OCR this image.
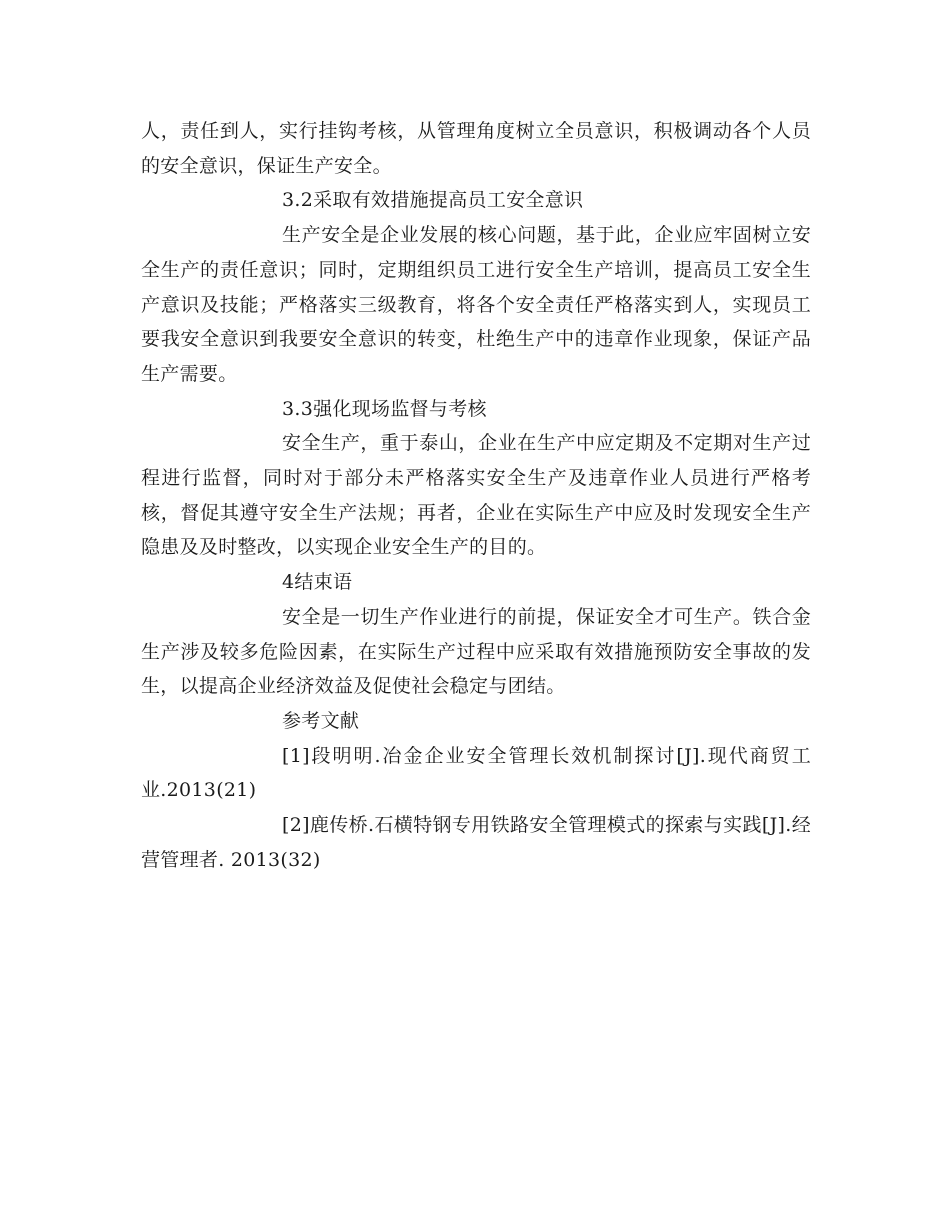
人，责任到人，实行挂钩考核，从管理角度树立全员意识，积极调动各个人员的安全意识，保证生产安全。

3.2采取有效措施提高员工安全意识

生产安全是企业发展的核心问题，基于此，企业应牢固树立安全生产的责任意识；同时，定期组织员工进行安全生产培训，提高员工安全生产意识及技能；严格落实三级教育，将各个安全责任严格落实到人，实现员工要我安全意识到我要安全意识的转变，杜绝生产中的违章作业现象，保证产品生产需要。

3.3强化现场监督与考核

安全生产，重于泰山，企业在生产中应定期及不定期对生产过程进行监督，同时对于部分未严格落实安全生产及违章作业人员进行严格考核，督促其遵守安全生产法规；再者，企业在实际生产中应及时发现安全生产隐患及及时整改，以实现企业安全生产的目的。

4结束语

安全是一切生产作业进行的前提，保证安全才可生产。铁合金生产涉及较多危险因素，在实际生产过程中应采取有效措施预防安全事故的发生，以提高企业经济效益及促使社会稳定与团结。

参考文献

[1]段明明.冶金企业安全管理长效机制探讨[J].现代商贸工业.2013(21)

[2]鹿传桥.石横特钢专用铁路安全管理模式的探索与实践[J].经营管理者. 2013(32)
